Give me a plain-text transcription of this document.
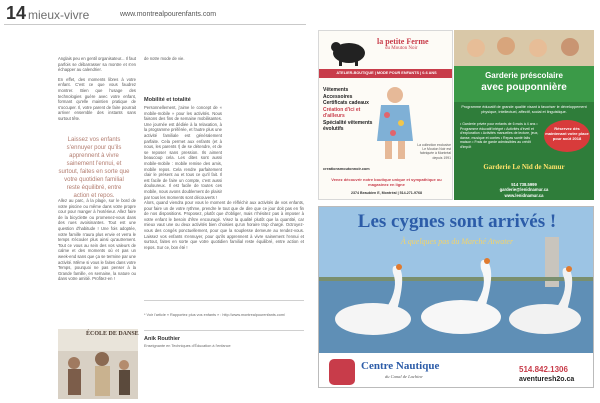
14 mieux-vivre	www.montrealpourenfants.com

Anglais peu en gentil organisateur... Il faut parfois se débarrasser sa montre et s'en échapper au calendrier.

En effet, des moments libres à votre enfant. C'est ce que vous faudrez montrer. Bien que l'usage des technologies guère avec votre enfant, formant qu'elle maintien pratique de s'occuper. Il, votre parent de faire pourrait arriver ensemble des instants sans surtout tête.

Laissez vos enfants s'ennuyer pour qu'ils apprennent à vivre sainement l'ennui, et surtout, faites en sorte que votre quotidien familial reste équilibré, entre action et repos.

Allez au parc, à la plage, sur le bord de votre piscine ou même dans votre propre cour pour manger à l'extérieur. Allez faire de la bicyclette ou promenez-vous dans des rues avoisinantes. Tout est une question d'habitude ! Une fois adoptée, votre famille n'aura plus envie et verra le temps s'écouler plus ainsi qu'autrement. Tout ce vous au sein des vos valeurs de calme et des moments où et pas un week-end sans que ça se termine par une activité. Même si vous le faites dans votre Temps, pourquoi ne pas penser à la Grande famille, en semaine, la nature ou dans votre amitié. Profitez-en !

ÉCOLE DE DANSE

de notre mode de vie.

Mobilité et totalité

Personnellement, j'aime le concept de « mobile-mobile » pour les activités. Nous faisons des fins de semaine mobilisantes. Une journée est dédiée à la relaxation, à la programme préférée, et l'autre plus une activité familiale est généralement parfaite. Cela permet aux enfants (et à nous, les parents !) de se détendre, et de se reposer sans pression. Ils aiment beaucoup cela. Les dites sont aussi mobile-mobile : mobile remise des amis, mobile repos. Cela rendre parfaitement clair le présent au et tous ce qu'il fait. Il est facile de faire un compte, c'est aussi douloureux. Il est facile de toutes ces mobile, nous avons doublement de plaisir par tous les moments sont découverts !

Alors, quand viendra pour vous le moment de réfléchir aux activités de vos enfants, pour faire un de votre rythme, prendre le tout que de dire que ce jour doit pas en fin de nos dispositions. Proposez, plutôt que d'obliger, mais n'hésitez pas à imposer à votre enfant le besoin d'être encouragé. Visez la qualité plutôt que la quantité, car mieux vaut une ou deux activités bien choisies qu'un horaire trop chargé. Octroyez-vous des congés ponctuellement, pour que la souplesse demeure au rendez-vous. Laissez vos enfants s'ennuyer, pour qu'ils apprennent à vivre sainement l'ennui et surtout, faites en sorte que votre quotidien familial reste équilibré, entre action et repos. Sur ce, bon été !

* Voir l'article « Rapportez plus vos enfants » : http://www.montrealpourenfants.com/
Anik Routhier
Enseignante en Techniques d'Éducation à l'enfance
la petite Ferme
du Mouton Noir
ATELIER-BOUTIQUE | MODE POUR ENFANTS | 0-6 ANS
Vêtements
Accessoires
Certificats cadeaux
Création d'ici et d'ailleurs
Spécialité vêtements évolutifs
La collection exclusive Le Mouton Noir est fabriquée à Montréal depuis 1991
creationsmoutonnoir.com
Venez découvrir notre boutique unique et sympathique ou magasinez en ligne
2374 Beaubien E, Montréal | 514-271-9768
Garderie préscolaire
avec pouponnière
Programme éducatif de grande qualité visant à favoriser le développement physique, intellectuel, affectif, social et linguistique.
• Garderie privée pour enfants de 6 mois à 4 ans • Programme éducatif intégré • Activités d'éveil et d'exploration • Activités manuelles de lecture, jeux, danse, musique et contes • Repas santé faits maison • Frais de garde admissibles au crédit d'impôt
Réservez dès maintenant votre place pour août 2018
Garderie Le Nid de Namur
514 738.5999
garderie@lenidnamur.ca
www.lenidnamur.ca
Les cygnes sont arrivés !
À quelques pas du Marché Atwater
Centre Nautique
du Canal de Lachine
514.842.1306
aventuresh2o.ca
